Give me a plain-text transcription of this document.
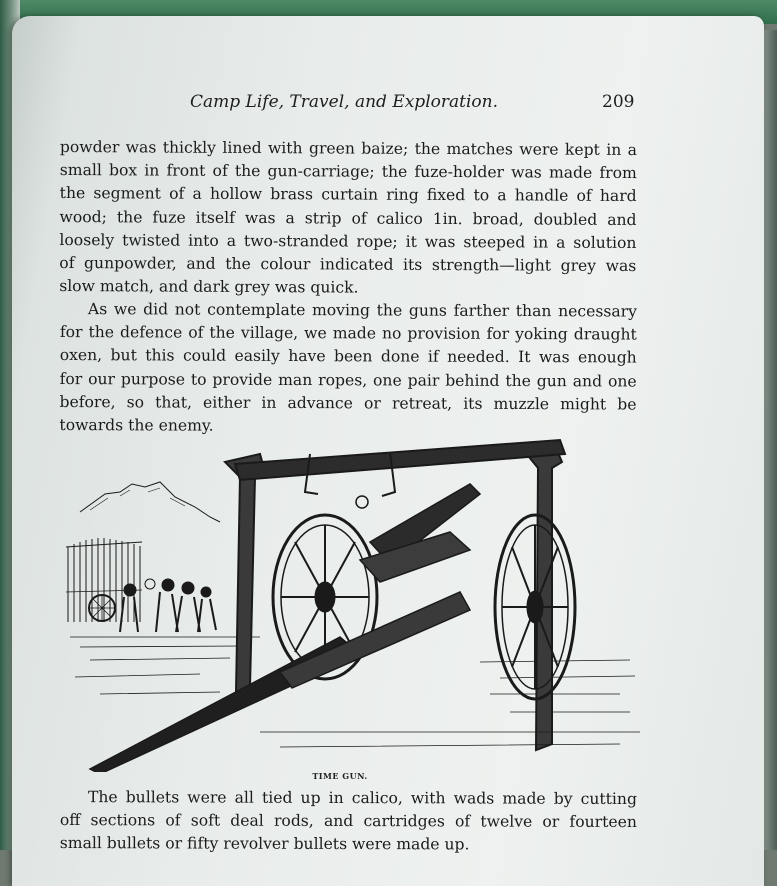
Camp Life, Travel, and Exploration.	209
powder was thickly lined with green baize; the matches were kept in a
small box in front of the gun-carriage; the fuze-holder was made from
the segment of a hollow brass curtain ring fixed to a handle of hard
wood; the fuze itself was a strip of calico 1in. broad, doubled and
loosely twisted into a two-stranded rope; it was steeped in a solution
of gunpowder, and the colour indicated its strength—light grey was
slow match, and dark grey was quick.
As we did not contemplate moving the guns farther than necessary
for the defence of the village, we made no provision for yoking draught
oxen, but this could easily have been done if needed. It was enough
for our purpose to provide man ropes, one pair behind the gun and one
before, so that, either in advance or retreat, its muzzle might be
towards the enemy.
TIME GUN.
The bullets were all tied up in calico, with wads made by cutting
off sections of soft deal rods, and cartridges of twelve or fourteen
small bullets or fifty revolver bullets were made up.
